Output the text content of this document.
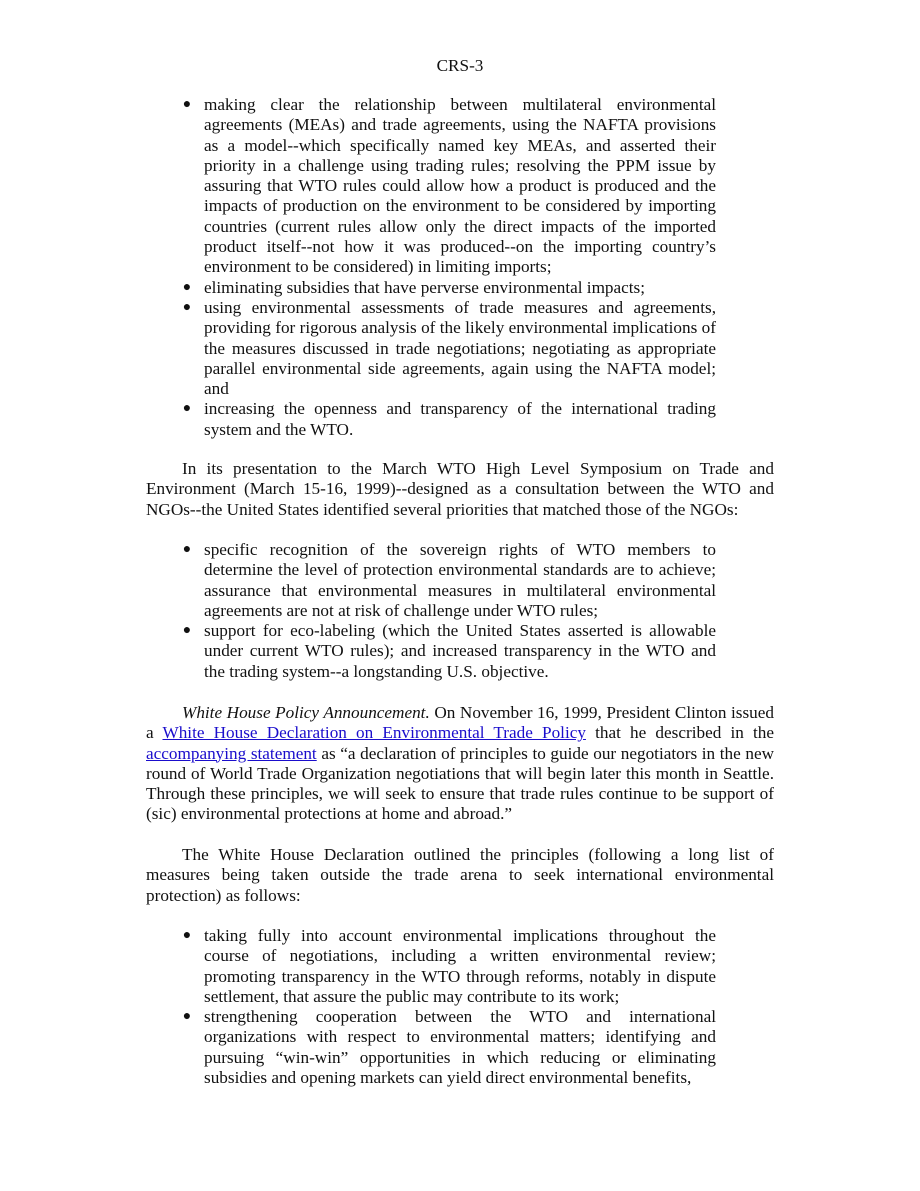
CRS-3
● making clear the relationship between multilateral environmental agreements (MEAs) and trade agreements, using the NAFTA provisions as a model--which specifically named key MEAs, and asserted their priority in a challenge using trading rules; resolving the PPM issue by assuring that WTO rules could allow how a product is produced and the impacts of production on the environment to be considered by importing countries (current rules allow only the direct impacts of the imported product itself--not how it was produced--on the importing country’s environment to be considered) in limiting imports;
● eliminating subsidies that have perverse environmental impacts;
● using environmental assessments of trade measures and agreements, providing for rigorous analysis of the likely environmental implications of the measures discussed in trade negotiations; negotiating as appropriate parallel environmental side agreements, again using the NAFTA model; and
● increasing the openness and transparency of the international trading system and the WTO.

In its presentation to the March WTO High Level Symposium on Trade and Environment (March 15-16, 1999)--designed as a consultation between the WTO and NGOs--the United States identified several priorities that matched those of the NGOs:

● specific recognition of the sovereign rights of WTO members to determine the level of protection environmental standards are to achieve; assurance that environmental measures in multilateral environmental agreements are not at risk of challenge under WTO rules;
● support for eco-labeling (which the United States asserted is allowable under current WTO rules); and increased transparency in the WTO and the trading system--a longstanding U.S. objective.

White House Policy Announcement. On November 16, 1999, President Clinton issued a White House Declaration on Environmental Trade Policy that he described in the accompanying statement as “a declaration of principles to guide our negotiators in the new round of World Trade Organization negotiations that will begin later this month in Seattle. Through these principles, we will seek to ensure that trade rules continue to be support of (sic) environmental protections at home and abroad.”

The White House Declaration outlined the principles (following a long list of measures being taken outside the trade arena to seek international environmental protection) as follows:

● taking fully into account environmental implications throughout the course of negotiations, including a written environmental review; promoting transparency in the WTO through reforms, notably in dispute settlement, that assure the public may contribute to its work;
● strengthening cooperation between the WTO and international organizations with respect to environmental matters; identifying and pursuing “win-win” opportunities in which reducing or eliminating subsidies and opening markets can yield direct environmental benefits,
